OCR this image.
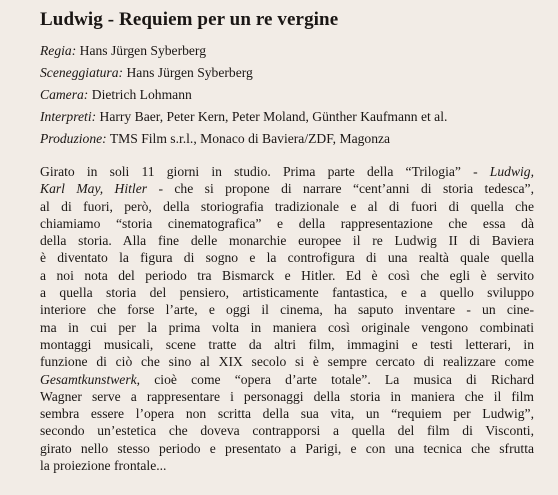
Ludwig - Requiem per un re vergine
Regia: Hans Jürgen Syberberg
Sceneggiatura: Hans Jürgen Syberberg
Camera: Dietrich Lohmann
Interpreti: Harry Baer, Peter Kern, Peter Moland, Günther Kaufmann et al.
Produzione: TMS Film s.r.l., Monaco di Baviera/ZDF, Magonza
Girato in soli 11 giorni in studio. Prima parte della “Trilogia” - Ludwig,
Karl May, Hitler - che si propone di narrare “cent’anni di storia tedesca”,
al di fuori, però, della storiografia tradizionale e al di fuori di quella che
chiamiamo “storia cinematografica” e della rappresentazione che essa dà
della storia. Alla fine delle monarchie europee il re Ludwig II di Baviera
è diventato la figura di sogno e la controfigura di una realtà quale quella
a noi nota del periodo tra Bismarck e Hitler. Ed è così che egli è servito
a quella storia del pensiero, artisticamente fantastica, e a quello sviluppo
interiore che forse l’arte, e oggi il cinema, ha saputo inventare - un cine-
ma in cui per la prima volta in maniera così originale vengono combinati
montaggi musicali, scene tratte da altri film, immagini e testi letterari, in
funzione di ciò che sino al XIX secolo si è sempre cercato di realizzare come
Gesamtkunstwerk, cioè come “opera d’arte totale”. La musica di Richard
Wagner serve a rappresentare i personaggi della storia in maniera che il film
sembra essere l’opera non scritta della sua vita, un “requiem per Ludwig”,
secondo un’estetica che doveva contrapporsi a quella del film di Visconti,
girato nello stesso periodo e presentato a Parigi, e con una tecnica che sfrutta
la proiezione frontale...
